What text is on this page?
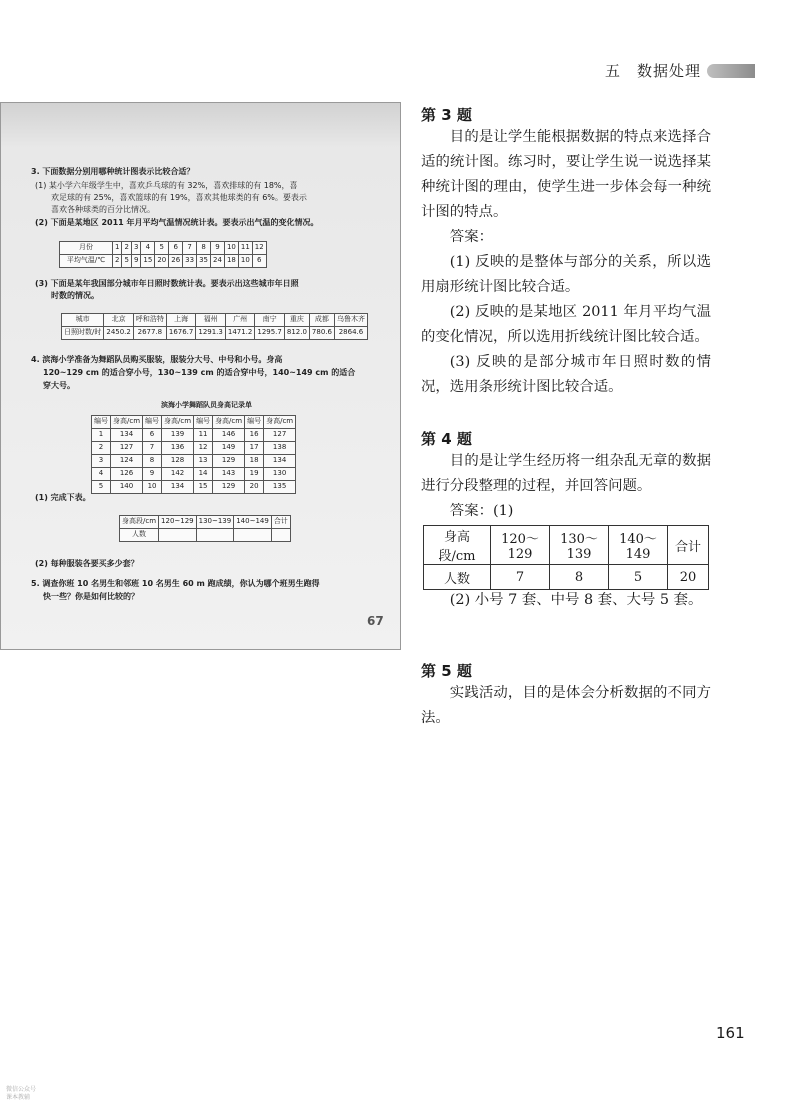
五　数据处理
3. 下面数据分别用哪种统计图表示比较合适？
(1) 某小学六年级学生中，喜欢乒乓球的有 32%，喜欢排球的有 18%，喜
欢足球的有 25%，喜欢篮球的有 19%，喜欢其他球类的有 6%。要表示
喜欢各种球类的百分比情况。
(2) 下面是某地区 2011 年月平均气温情况统计表。要表示出气温的变化情况。
月份	1	2	3	4	5	6	7	8	9	10	11	12
平均气温/℃	2	5	9	15	20	26	33	35	24	18	10	6
(3) 下面是某年我国部分城市年日照时数统计表。要表示出这些城市年日照
时数的情况。
城市	北京	呼和浩特	上海	福州	广州	南宁	重庆	成都	乌鲁木齐
日照时数/时	2450.2	2677.8	1676.7	1291.3	1471.2	1295.7	812.0	780.6	2864.6
4. 滨海小学准备为舞蹈队员购买服装，服装分大号、中号和小号。身高
120~129 cm 的适合穿小号，130~139 cm 的适合穿中号，140~149 cm 的适合
穿大号。
滨海小学舞蹈队员身高记录单
编号	身高/cm	编号	身高/cm	编号	身高/cm	编号	身高/cm
1	134	6	139	11	146	16	127
2	127	7	136	12	149	17	138
3	124	8	128	13	129	18	134
4	126	9	142	14	143	19	130
5	140	10	134	15	129	20	135
(1) 完成下表。
身高段/cm	120~129	130~139	140~149	合计
人数				
(2) 每种服装各要买多少套？
5. 调查你班 10 名男生和邻班 10 名男生 60 m 跑成绩，你认为哪个班男生跑得
快一些？你是如何比较的？
67
第 3 题
目的是让学生能根据数据的特点来选择合适的统计图。练习时，要让学生说一说选择某种统计图的理由，使学生进一步体会每一种统计图的特点。
答案：
(1) 反映的是整体与部分的关系，所以选用扇形统计图比较合适。
(2) 反映的是某地区 2011 年月平均气温的变化情况，所以选用折线统计图比较合适。
(3) 反映的是部分城市年日照时数的情况，选用条形统计图比较合适。
第 4 题
目的是让学生经历将一组杂乱无章的数据进行分段整理的过程，并回答问题。
答案：(1)
身高段/cm	120～129	130～139	140～149	合计
人数	7	8	5	20
(2) 小号 7 套、中号 8 套、大号 5 套。
第 5 题
实践活动，目的是体会分析数据的不同方法。
161
微信公众号
课本教辅
